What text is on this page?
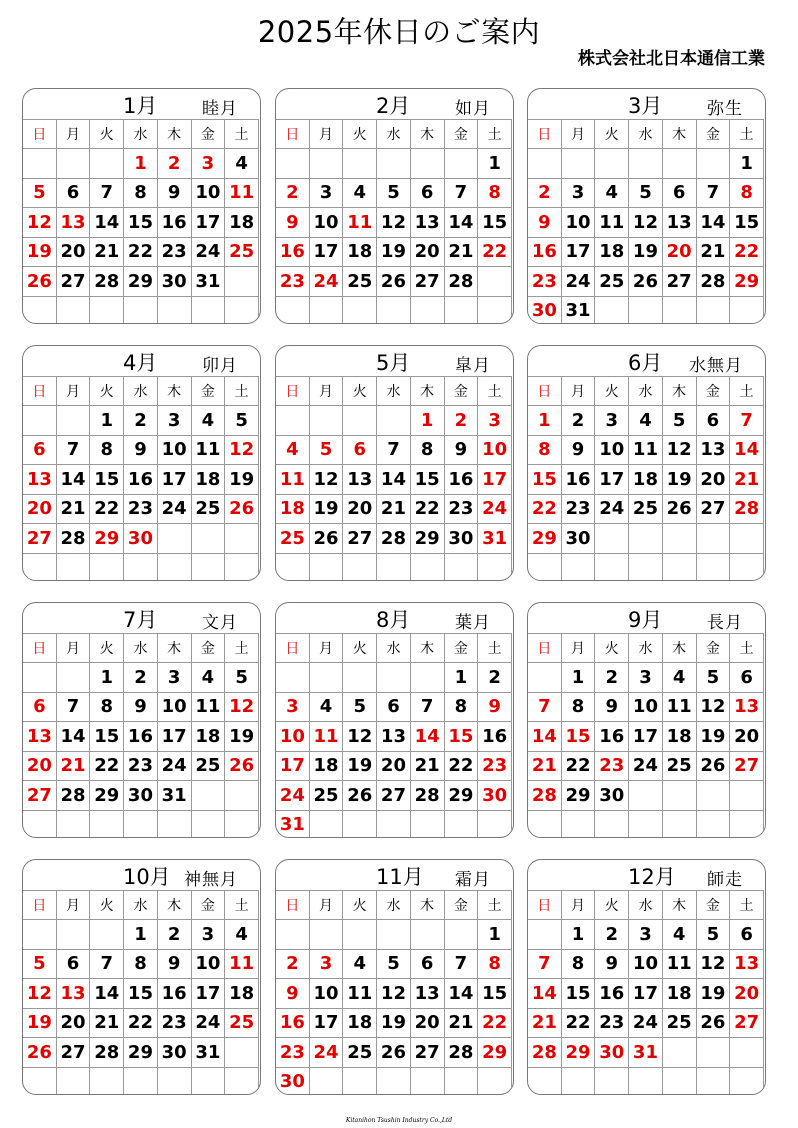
2025年休日のご案内
株式会社北日本通信工業
1月	睦月
日	月	火	水	木	金	土
			1	2	3	4
5	6	7	8	9	10	11
12	13	14	15	16	17	18
19	20	21	22	23	24	25
26	27	28	29	30	31	

2月	如月
日	月	火	水	木	金	土
						1
2	3	4	5	6	7	8
9	10	11	12	13	14	15
16	17	18	19	20	21	22
23	24	25	26	27	28	

3月	弥生
日	月	火	水	木	金	土
						1
2	3	4	5	6	7	8
9	10	11	12	13	14	15
16	17	18	19	20	21	22
23	24	25	26	27	28	29
30	31					
4月	卯月
日	月	火	水	木	金	土
		1	2	3	4	5
6	7	8	9	10	11	12
13	14	15	16	17	18	19
20	21	22	23	24	25	26
27	28	29	30			

5月	皐月
日	月	火	水	木	金	土
				1	2	3
4	5	6	7	8	9	10
11	12	13	14	15	16	17
18	19	20	21	22	23	24
25	26	27	28	29	30	31

6月 水無月
日	月	火	水	木	金	土
1	2	3	4	5	6	7
8	9	10	11	12	13	14
15	16	17	18	19	20	21
22	23	24	25	26	27	28
29	30					

7月	文月
日	月	火	水	木	金	土
		1	2	3	4	5
6	7	8	9	10	11	12
13	14	15	16	17	18	19
20	21	22	23	24	25	26
27	28	29	30	31		

8月	葉月
日	月	火	水	木	金	土
					1	2
3	4	5	6	7	8	9
10	11	12	13	14	15	16
17	18	19	20	21	22	23
24	25	26	27	28	29	30
31						
9月	長月
日	月	火	水	木	金	土
	1	2	3	4	5	6
7	8	9	10	11	12	13
14	15	16	17	18	19	20
21	22	23	24	25	26	27
28	29	30				

10月 神無月
日	月	火	水	木	金	土
			1	2	3	4
5	6	7	8	9	10	11
12	13	14	15	16	17	18
19	20	21	22	23	24	25
26	27	28	29	30	31	

11月 霜月
日	月	火	水	木	金	土
						1
2	3	4	5	6	7	8
9	10	11	12	13	14	15
16	17	18	19	20	21	22
23	24	25	26	27	28	29
30						
12月 師走
日	月	火	水	木	金	土
	1	2	3	4	5	6
7	8	9	10	11	12	13
14	15	16	17	18	19	20
21	22	23	24	25	26	27
28	29	30	31			

Kitanihon Tsushin Industry Co.,Ltd
